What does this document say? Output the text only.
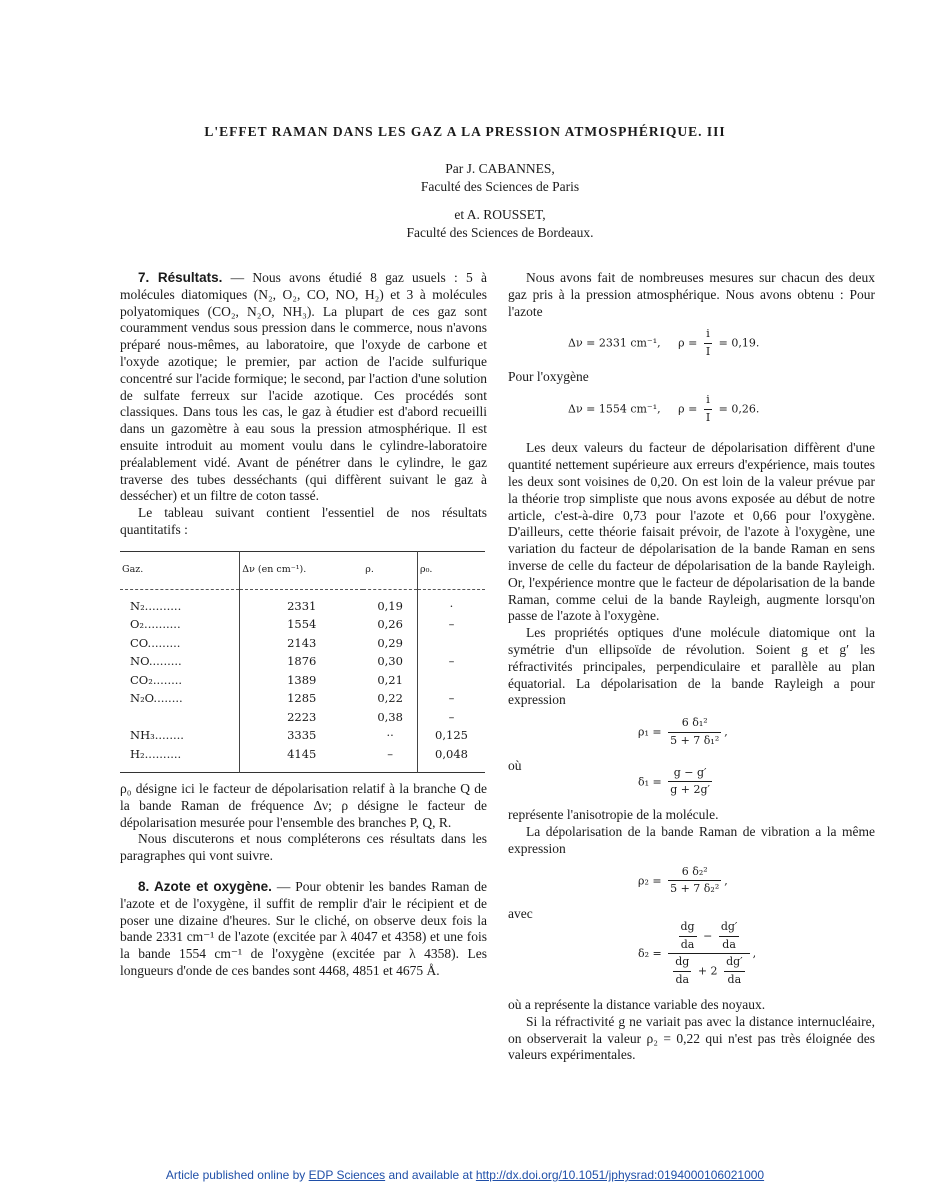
L'EFFET RAMAN DANS LES GAZ A LA PRESSION ATMOSPHÉRIQUE. III
Par J. CABANNES,
Faculté des Sciences de Paris
et A. ROUSSET,
Faculté des Sciences de Bordeaux.

7. Résultats. — Nous avons étudié 8 gaz usuels : 5 à molécules diatomiques (N₂, O₂, CO, NO, H₂) et 3 à molécules polyatomiques (CO₂, N₂O, NH₃). La plupart de ces gaz sont couramment vendus sous pression dans le commerce, nous n'avons préparé nous-mêmes, au laboratoire, que l'oxyde de carbone et l'oxyde azotique; le premier, par action de l'acide sulfurique concentré sur l'acide formique; le second, par l'action d'une solution de sulfate ferreux sur l'acide azotique. Ces procédés sont classiques. Dans tous les cas, le gaz à étudier est d'abord recueilli dans un gazomètre à eau sous la pression atmosphérique. Il est ensuite introduit au moment voulu dans le cylindre-laboratoire préalablement vidé. Avant de pénétrer dans le cylindre, le gaz traverse des tubes desséchants (qui diffèrent suivant le gaz à dessécher) et un filtre de coton tassé.

Le tableau suivant contient l'essentiel de nos résultats quantitatifs :

Gaz.	Δν (en cm⁻¹).	ρ.	ρ₀.
N₂..........	2331	0,19	·
O₂..........	1554	0,26	–
CO.........	2143	0,29	
NO.........	1876	0,30	–
CO₂........	1389	0,21	
N₂O........	1285	0,22	–
	2223	0,38	–
NH₃........	3335	··	0,125
H₂..........	4145	–	0,048

ρ₀ désigne ici le facteur de dépolarisation relatif à la branche Q de la bande Raman de fréquence Δν; ρ désigne le facteur de dépolarisation mesurée pour l'ensemble des branches P, Q, R.

Nous discuterons et nous compléterons ces résultats dans les paragraphes qui vont suivre.

8. Azote et oxygène. — Pour obtenir les bandes Raman de l'azote et de l'oxygène, il suffit de remplir d'air le récipient et de poser une dizaine d'heures. Sur le cliché, on observe deux fois la bande 2331 cm⁻¹ de l'azote (excitée par λ 4047 et 4358) et une fois la bande 1554 cm⁻¹ de l'oxygène (excitée par λ 4358). Les longueurs d'onde de ces bandes sont 4468, 4851 et 4675 Å.

Nous avons fait de nombreuses mesures sur chacun des deux gaz pris à la pression atmosphérique. Nous avons obtenu : Pour l'azote

Δν = 2331 cm⁻¹,     $\rho = \frac{i}{I} = 0,19$.

Pour l'oxygène

Δν = 1554 cm⁻¹,     $\rho = \frac{i}{I} = 0,26$.

Les deux valeurs du facteur de dépolarisation diffèrent d'une quantité nettement supérieure aux erreurs d'expérience, mais toutes les deux sont voisines de 0,20. On est loin de la valeur prévue par la théorie trop simpliste que nous avons exposée au début de notre article, c'est-à-dire 0,73 pour l'azote et 0,66 pour l'oxygène. D'ailleurs, cette théorie faisait prévoir, de l'azote à l'oxygène, une variation du facteur de dépolarisation de la bande Raman en sens inverse de celle du facteur de dépolarisation de la bande Rayleigh. Or, l'expérience montre que le facteur de dépolarisation de la bande Raman, comme celui de la bande Rayleigh, augmente lorsqu'on passe de l'azote à l'oxygène.

Les propriétés optiques d'une molécule diatomique ont la symétrie d'un ellipsoïde de révolution. Soient g et g′ les réfractivités principales, perpendiculaire et parallèle au plan équatorial. La dépolarisation de la bande Rayleigh a pour expression

$\rho_1 = \frac{\text{6 δ₁²}}{\text{5 + 7 δ₁²}}$ ,

où

$\delta_1 = \frac{g - g'}{g + 2g'}$

représente l'anisotropie de la molécule.

La dépolarisation de la bande Raman de vibration a la même expression

$\rho_2 = \frac{\text{6 δ₂²}}{\text{5 + 7 δ₂²}}$ ,

avec

$\delta_2 = \frac{\frac{dg}{da} - \frac{dg'}{da}}{\frac{dg}{da} + 2 \frac{dg'}{da}}$ ,

où a représente la distance variable des noyaux.

Si la réfractivité g ne variait pas avec la distance internucléaire, on observerait la valeur ρ₂ = 0,22 qui n'est pas très éloignée des valeurs expérimentales.

Article published online by EDP Sciences and available at http://dx.doi.org/10.1051/jphysrad:0194000106021000
